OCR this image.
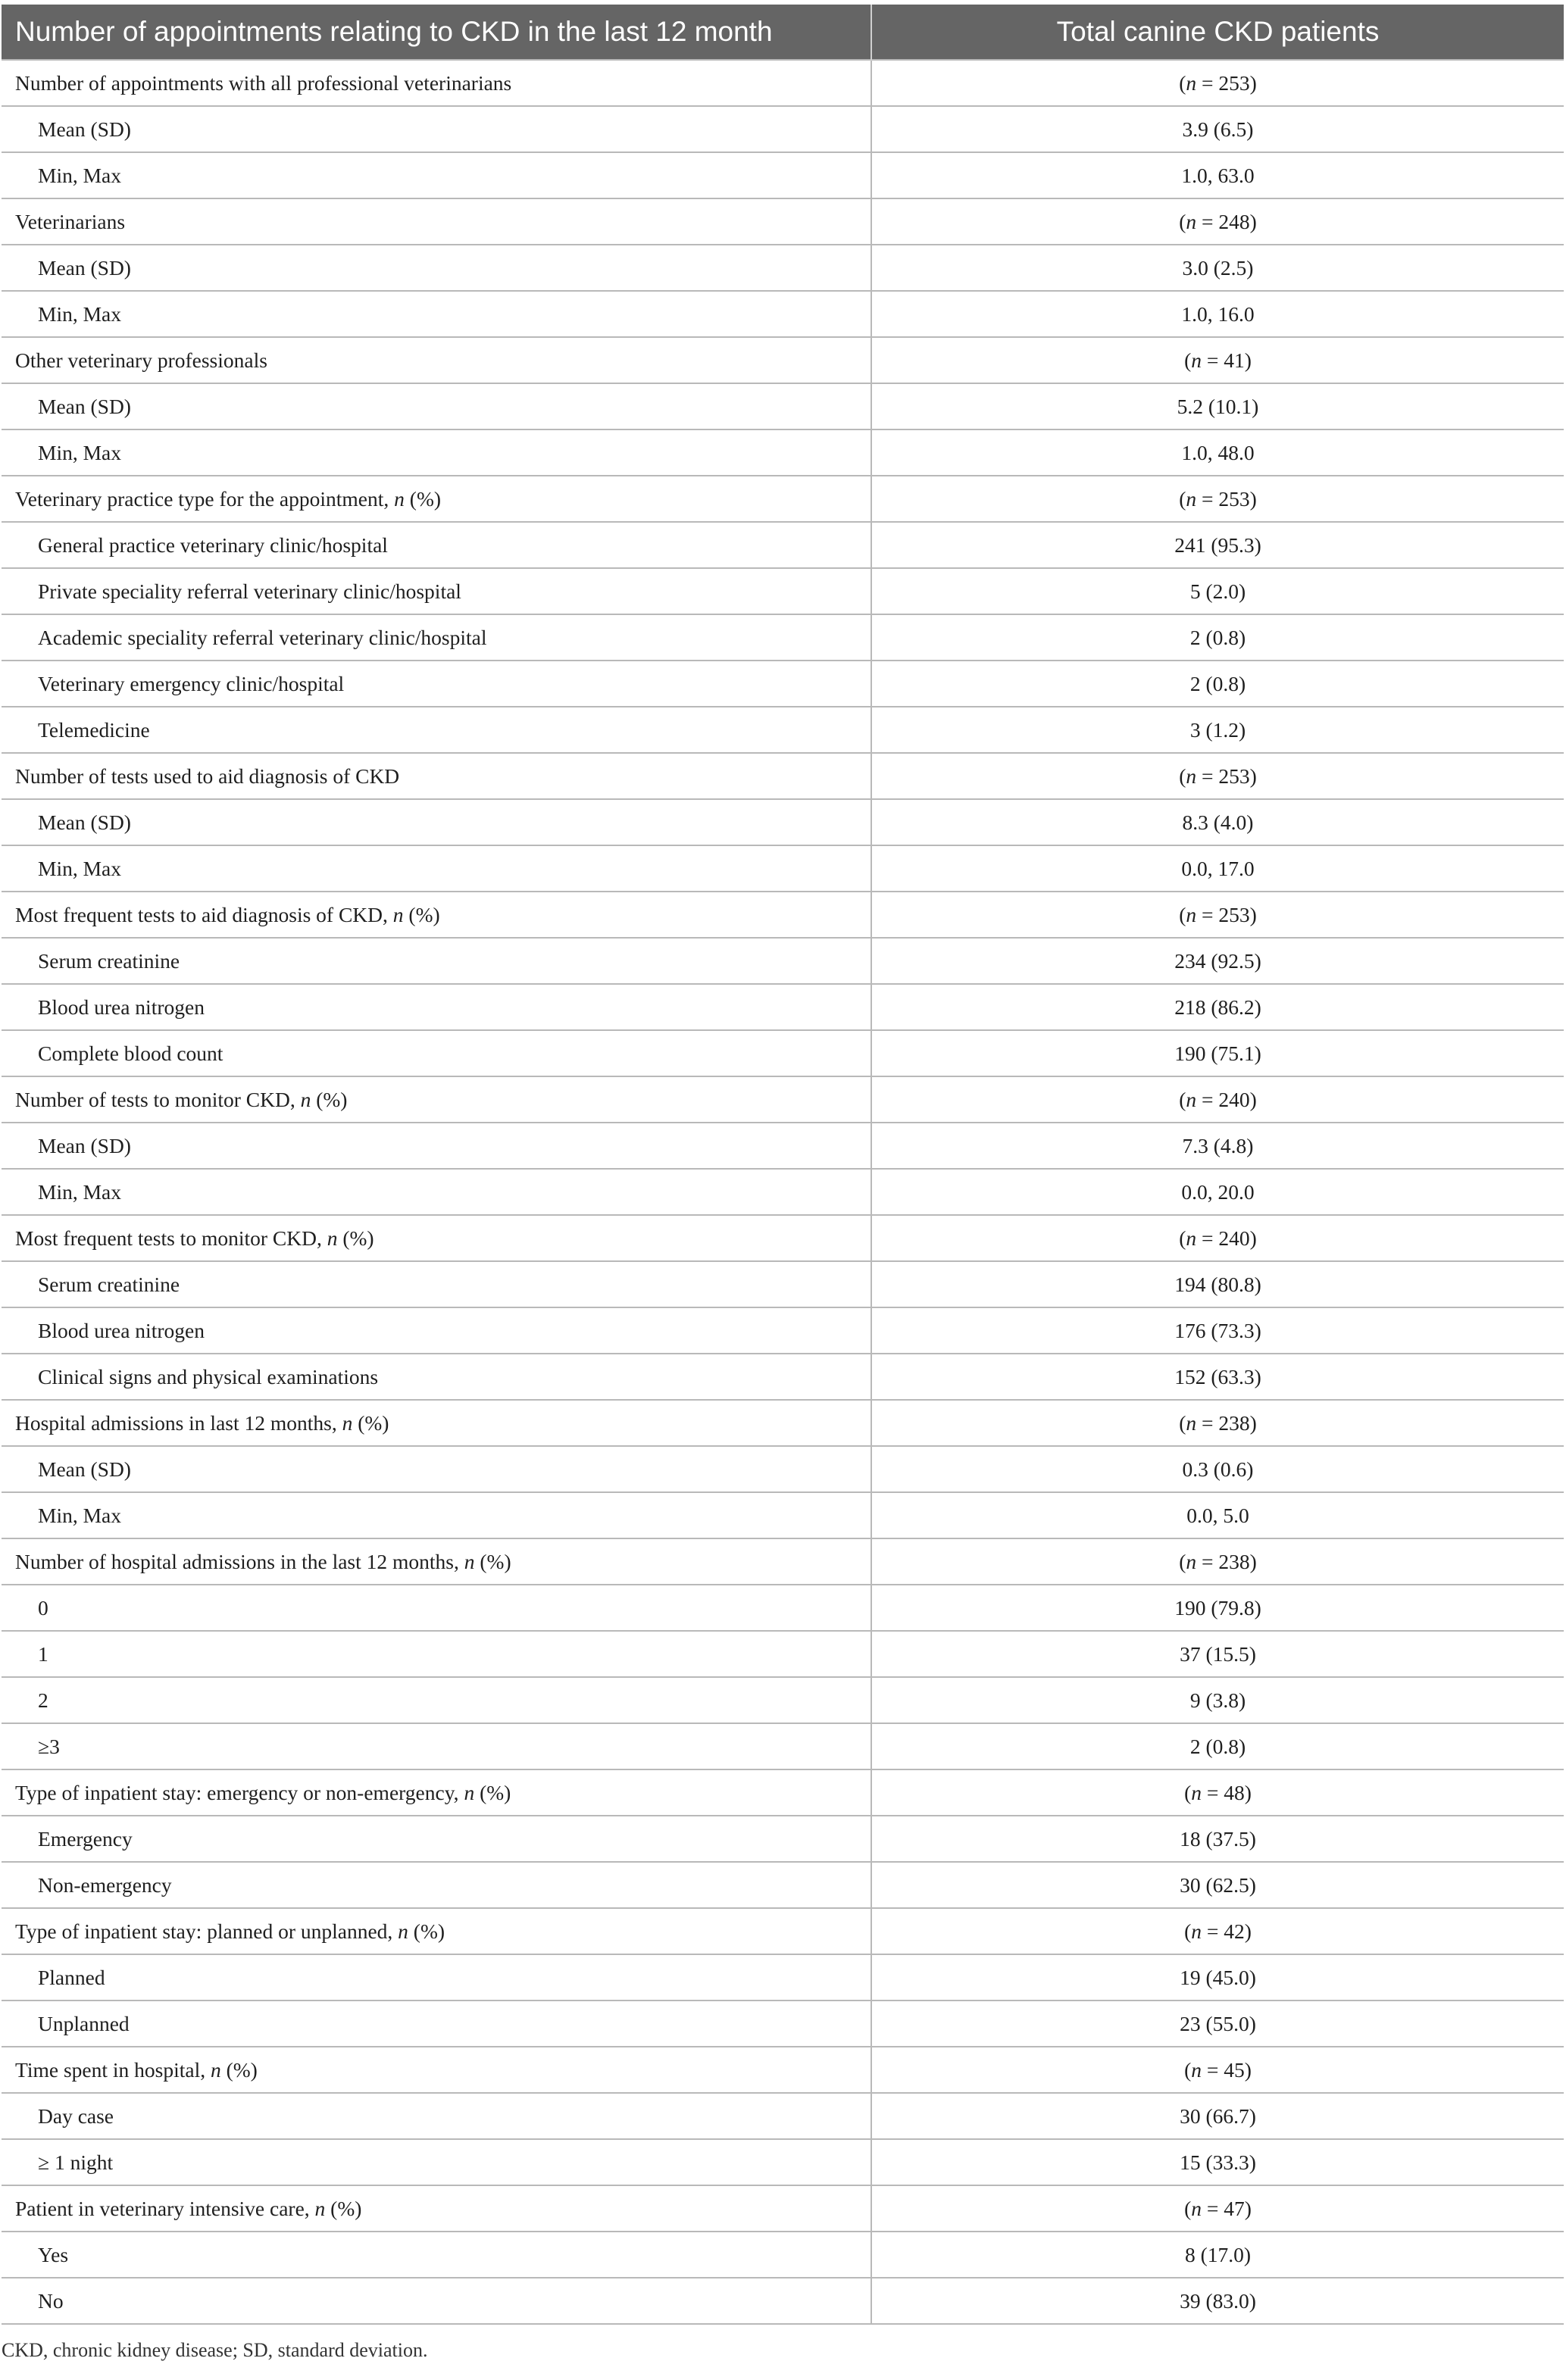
Number of appointments relating to CKD in the last 12 month	Total canine CKD patients
Number of appointments with all professional veterinarians	(n = 253)
Mean (SD)	3.9 (6.5)
Min, Max	1.0, 63.0
Veterinarians	(n = 248)
Mean (SD)	3.0 (2.5)
Min, Max	1.0, 16.0
Other veterinary professionals	(n = 41)
Mean (SD)	5.2 (10.1)
Min, Max	1.0, 48.0
Veterinary practice type for the appointment, n (%)	(n = 253)
General practice veterinary clinic/hospital	241 (95.3)
Private speciality referral veterinary clinic/hospital	5 (2.0)
Academic speciality referral veterinary clinic/hospital	2 (0.8)
Veterinary emergency clinic/hospital	2 (0.8)
Telemedicine	3 (1.2)
Number of tests used to aid diagnosis of CKD	(n = 253)
Mean (SD)	8.3 (4.0)
Min, Max	0.0, 17.0
Most frequent tests to aid diagnosis of CKD, n (%)	(n = 253)
Serum creatinine	234 (92.5)
Blood urea nitrogen	218 (86.2)
Complete blood count	190 (75.1)
Number of tests to monitor CKD, n (%)	(n = 240)
Mean (SD)	7.3 (4.8)
Min, Max	0.0, 20.0
Most frequent tests to monitor CKD, n (%)	(n = 240)
Serum creatinine	194 (80.8)
Blood urea nitrogen	176 (73.3)
Clinical signs and physical examinations	152 (63.3)
Hospital admissions in last 12 months, n (%)	(n = 238)
Mean (SD)	0.3 (0.6)
Min, Max	0.0, 5.0
Number of hospital admissions in the last 12 months, n (%)	(n = 238)
0	190 (79.8)
1	37 (15.5)
2	9 (3.8)
≥3	2 (0.8)
Type of inpatient stay: emergency or non-emergency, n (%)	(n = 48)
Emergency	18 (37.5)
Non-emergency	30 (62.5)
Type of inpatient stay: planned or unplanned, n (%)	(n = 42)
Planned	19 (45.0)
Unplanned	23 (55.0)
Time spent in hospital, n (%)	(n = 45)
Day case	30 (66.7)
≥ 1 night	15 (33.3)
Patient in veterinary intensive care, n (%)	(n = 47)
Yes	8 (17.0)
No	39 (83.0)
CKD, chronic kidney disease; SD, standard deviation.
